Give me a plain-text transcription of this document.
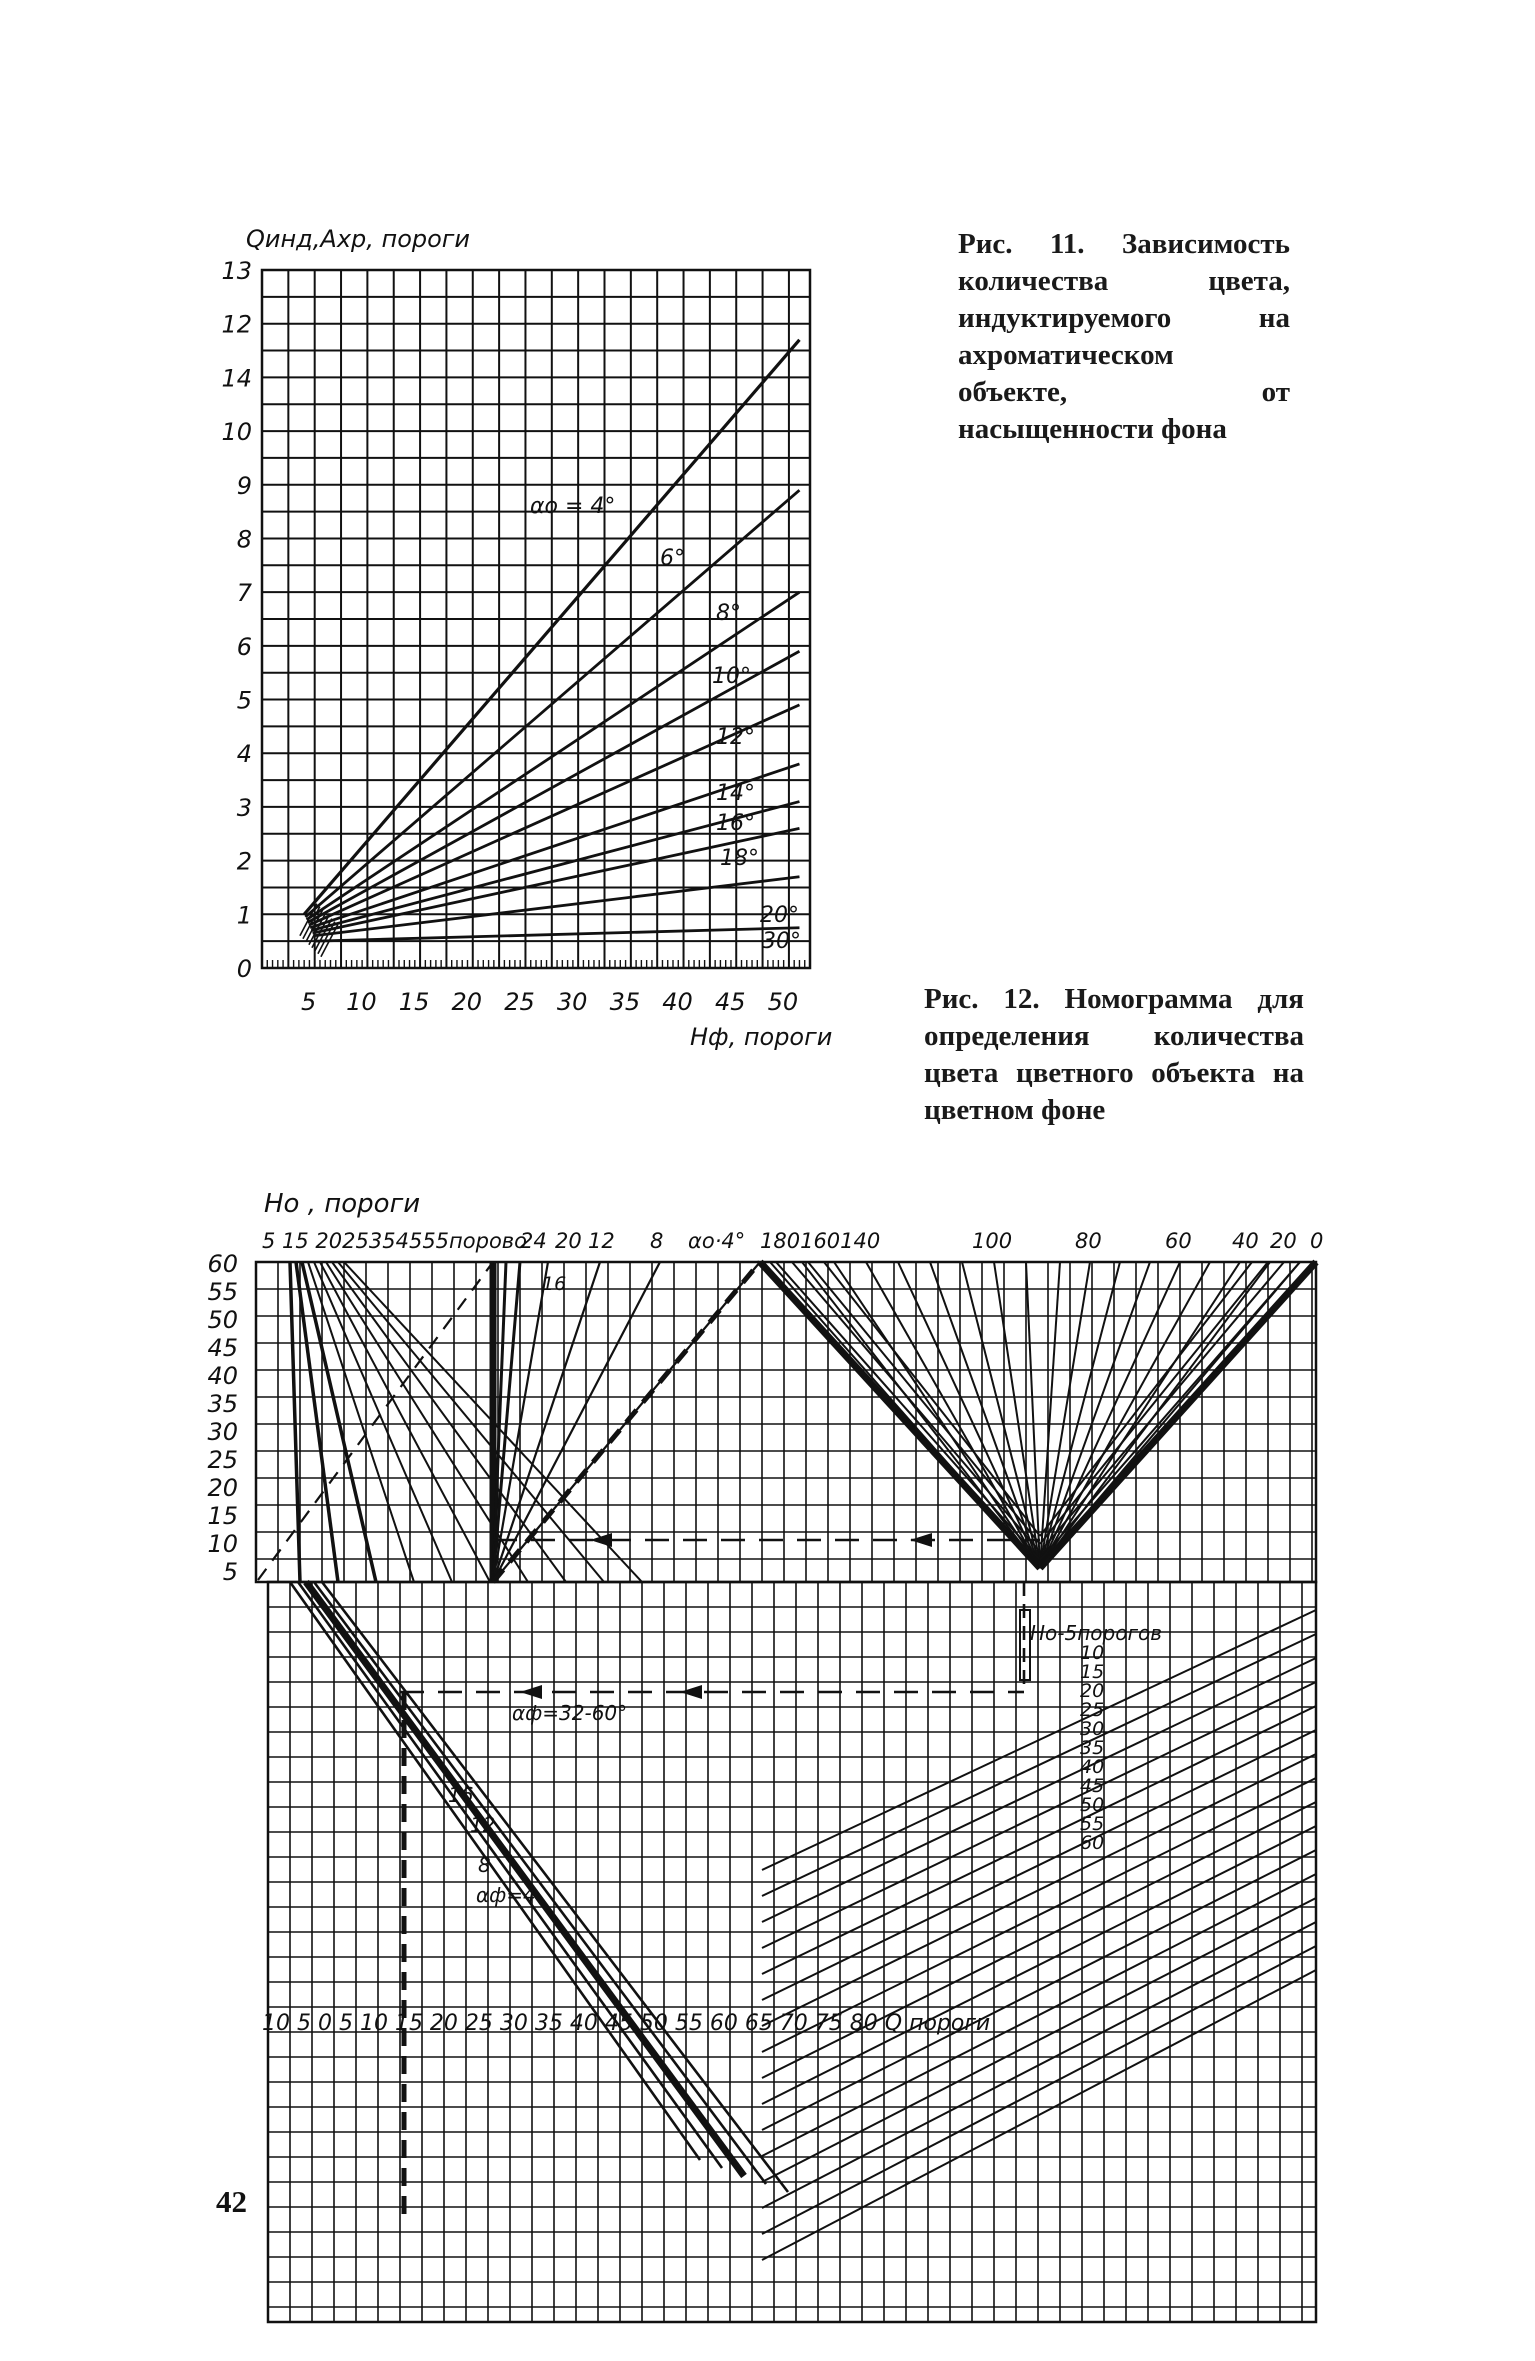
Рис. 11. Зависимость количества цвета, индуктируемого на ахроматическом объекте, от насыщенности фона
Рис. 12. Номограмма для определения количества цвета цветного объекта на цветном фоне
42
αo = 4°
6°
8°
10°
12°
14°
16°
18°
20°
30°
5 10 15 20 25 30 35 40 45 50
0
1
2
3
4
5
6
7
8
9
10
14
12
13
Qинд,Ахр, пороги
Hф, пороги
Ho , пороги
5 15 2025354555порово
24 20 12 8 αo·4° 180160140	100	80	60 40 20 0
60
55
50
45
40
35
30
25
20
15
10
5
16
10 5 0 5 10 15 20 25 30 35 40 45 50 55 60 65 70 75 80 Q пороги
αф=32-60°
16
12
8
αф=4
Ho-5порогов
10
15
20
25
30
35
40
45
50
55
60
